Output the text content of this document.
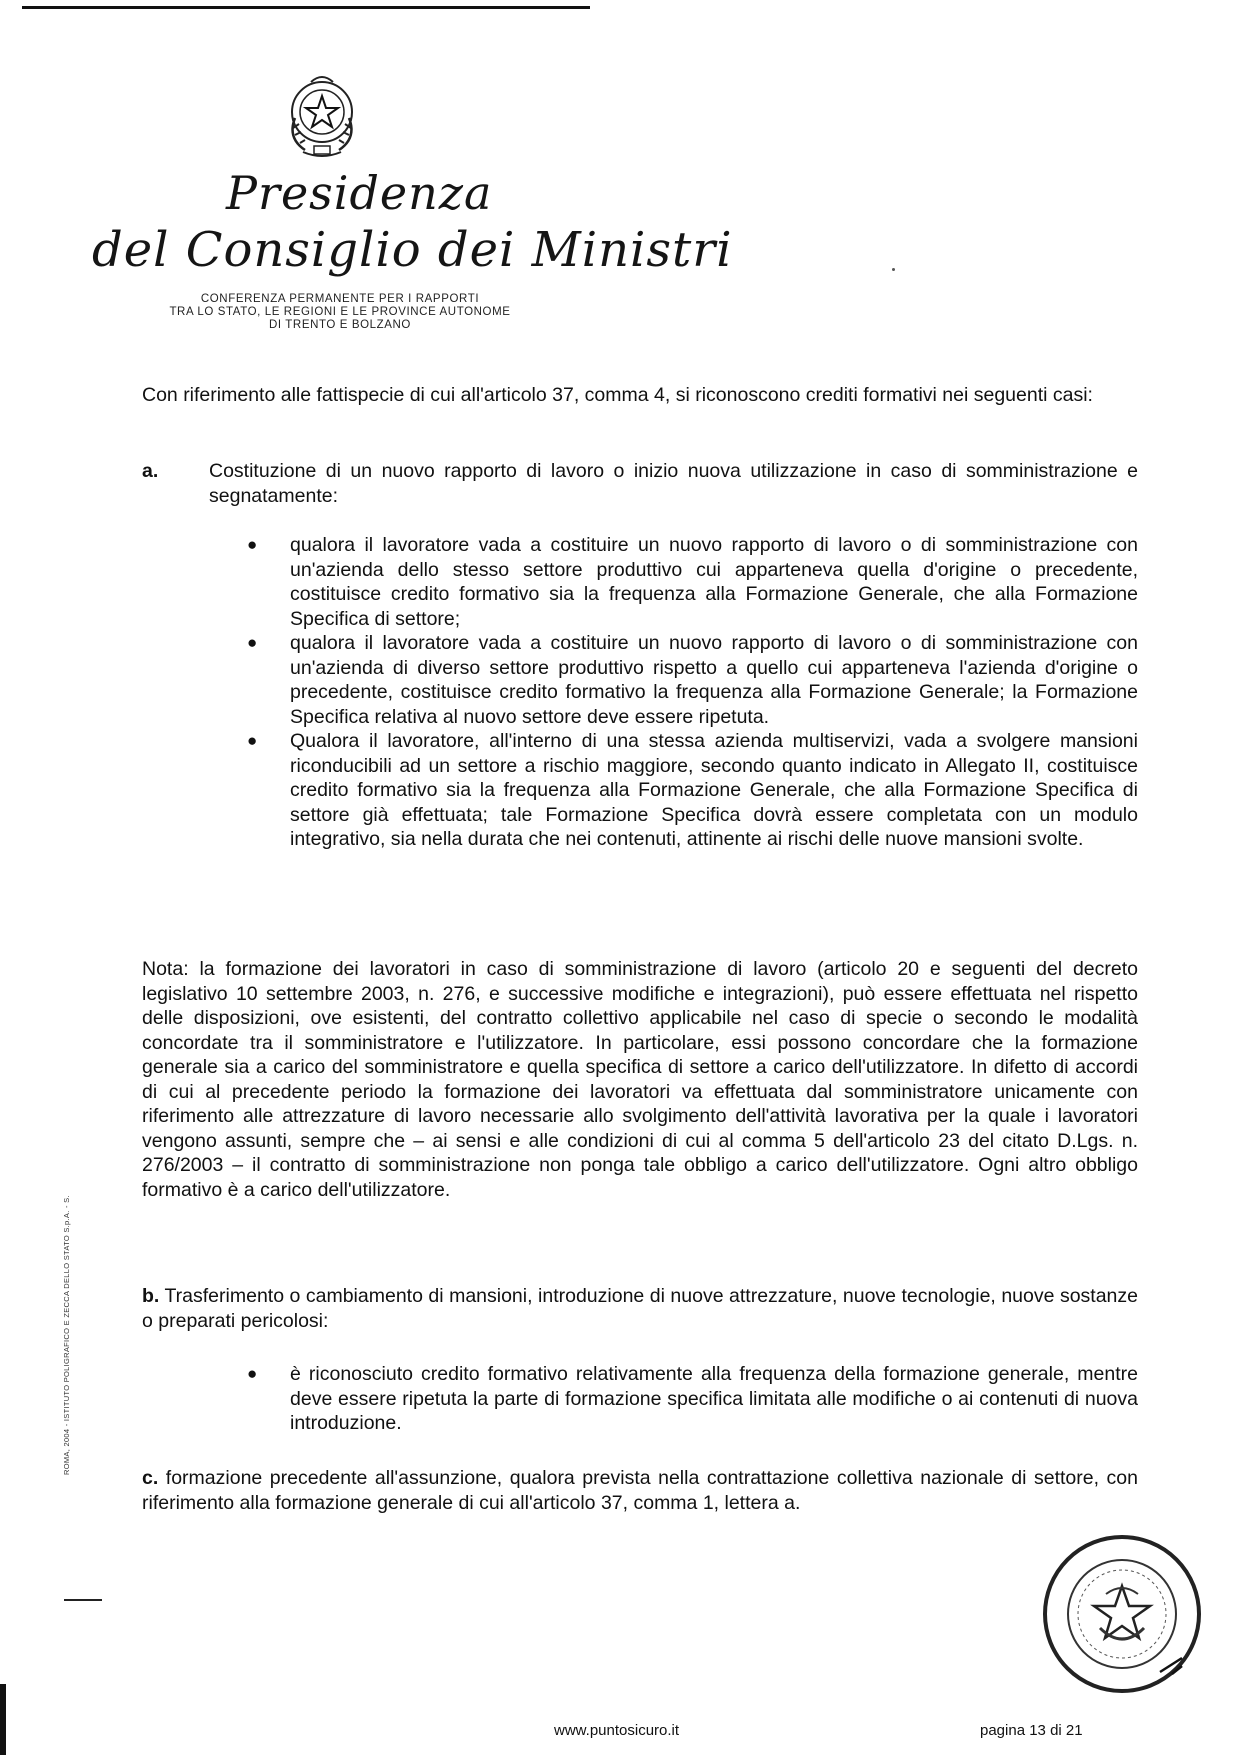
Presidenza
del Consiglio dei Ministri
CONFERENZA PERMANENTE PER I RAPPORTI
TRA LO STATO, LE REGIONI E LE PROVINCE AUTONOME
DI TRENTO E BOLZANO
Con riferimento alle fattispecie di cui all'articolo 37, comma 4, si riconoscono crediti formativi nei seguenti casi:
a.	Costituzione di un nuovo rapporto di lavoro o inizio nuova utilizzazione in caso di somministrazione e segnatamente:
● qualora il lavoratore vada a costituire un nuovo rapporto di lavoro o di somministrazione con un'azienda dello stesso settore produttivo cui apparteneva quella d'origine o precedente, costituisce credito formativo sia la frequenza alla Formazione Generale, che alla Formazione Specifica di settore;
● qualora il lavoratore vada a costituire un nuovo rapporto di lavoro o di somministrazione con un'azienda di diverso settore produttivo rispetto a quello cui apparteneva l'azienda d'origine o precedente, costituisce credito formativo la frequenza alla Formazione Generale; la Formazione Specifica relativa al nuovo settore deve essere ripetuta.
● Qualora il lavoratore, all'interno di una stessa azienda multiservizi, vada a svolgere mansioni riconducibili ad un settore a rischio maggiore, secondo quanto indicato in Allegato II, costituisce credito formativo sia la frequenza alla Formazione Generale, che alla Formazione Specifica di settore già effettuata; tale Formazione Specifica dovrà essere completata con un modulo integrativo, sia nella durata che nei contenuti, attinente ai rischi delle nuove mansioni svolte.
Nota: la formazione dei lavoratori in caso di somministrazione di lavoro (articolo 20 e seguenti del decreto legislativo 10 settembre 2003, n. 276, e successive modifiche e integrazioni), può essere effettuata nel rispetto delle disposizioni, ove esistenti, del contratto collettivo applicabile nel caso di specie o secondo le modalità concordate tra il somministratore e l'utilizzatore. In particolare, essi possono concordare che la formazione generale sia a carico del somministratore e quella specifica di settore a carico dell'utilizzatore. In difetto di accordi di cui al precedente periodo la formazione dei lavoratori va effettuata dal somministratore unicamente con riferimento alle attrezzature di lavoro necessarie allo svolgimento dell'attività lavorativa per la quale i lavoratori vengono assunti, sempre che – ai sensi e alle condizioni di cui al comma 5 dell'articolo 23 del citato D.Lgs. n. 276/2003 – il contratto di somministrazione non ponga tale obbligo a carico dell'utilizzatore. Ogni altro obbligo formativo è a carico dell'utilizzatore.
b. Trasferimento o cambiamento di mansioni, introduzione di nuove attrezzature, nuove tecnologie, nuove sostanze o preparati pericolosi:
● è riconosciuto credito formativo relativamente alla frequenza della formazione generale, mentre deve essere ripetuta la parte di formazione specifica limitata alle modifiche o ai contenuti di nuova introduzione.
c. formazione precedente all'assunzione, qualora prevista nella contrattazione collettiva nazionale di settore, con riferimento alla formazione generale di cui all'articolo 37, comma 1, lettera a.
ROMA, 2004 - ISTITUTO POLIGRAFICO E ZECCA DELLO STATO S.p.A. - S.
www.puntosicuro.it	pagina 13 di 21
